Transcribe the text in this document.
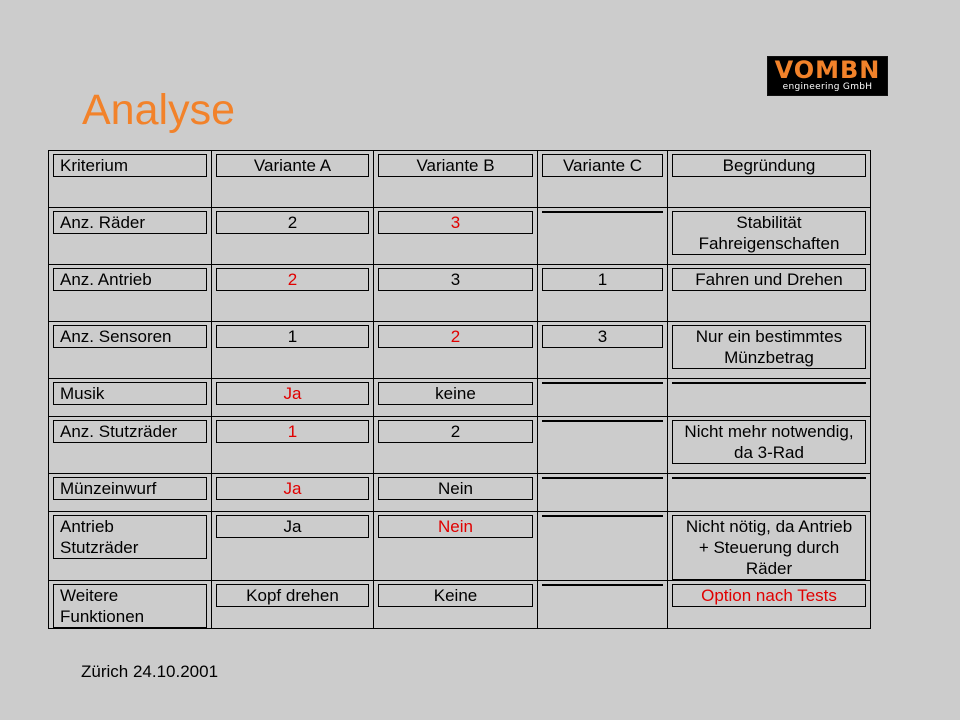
Analyse
VOMBN
engineering GmbH
Kriterium	Variante A	Variante B	Variante C	Begründung

Anz. Räder	2	3		Stabilität
Fahreigenschaften

Anz. Antrieb	2	3	1	Fahren und Drehen

Anz. Sensoren	1	2	3	Nur ein bestimmtes
Münzbetrag

Musik	Ja	keine		

Anz. Stutzräder	1	2		Nicht mehr notwendig,
da 3-Rad

Münzeinwurf	Ja	Nein		

Antrieb
Stutzräder	Ja	Nein		Nicht nötig, da Antrieb
+ Steuerung durch
Räder

Weitere
Funktionen	Kopf drehen	Keine		Option nach Tests
Zürich 24.10.2001
